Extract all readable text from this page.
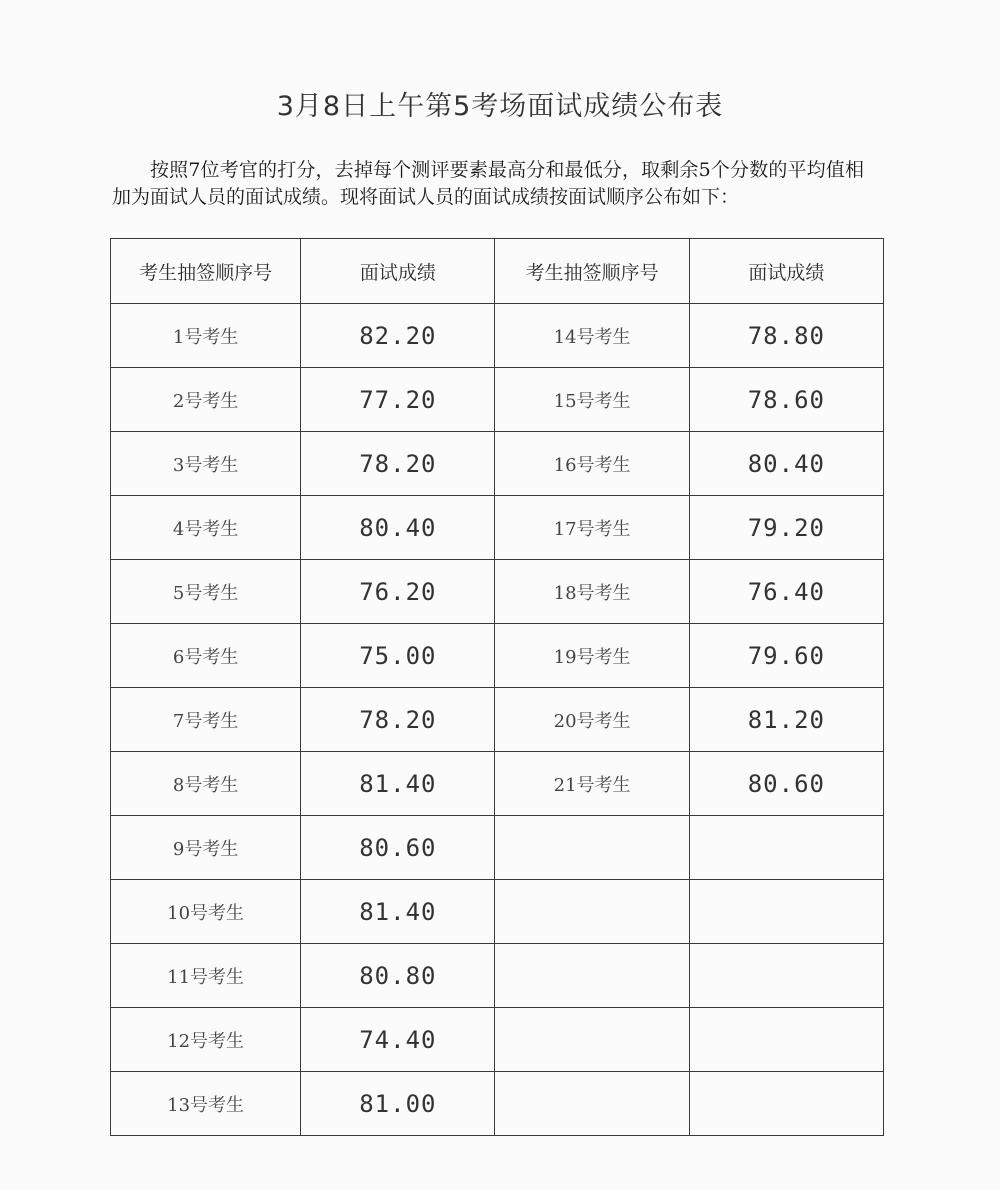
3月8日上午第5考场面试成绩公布表

按照7位考官的打分，去掉每个测评要素最高分和最低分，取剩余5个分数的平均值相加为面试人员的面试成绩。现将面试人员的面试成绩按面试顺序公布如下：

考生抽签顺序号	面试成绩	考生抽签顺序号	面试成绩
1号考生	82.20	14号考生	78.80
2号考生	77.20	15号考生	78.60
3号考生	78.20	16号考生	80.40
4号考生	80.40	17号考生	79.20
5号考生	76.20	18号考生	76.40
6号考生	75.00	19号考生	79.60
7号考生	78.20	20号考生	81.20
8号考生	81.40	21号考生	80.60
9号考生	80.60		
10号考生	81.40		
11号考生	80.80		
12号考生	74.40		
13号考生	81.00		
